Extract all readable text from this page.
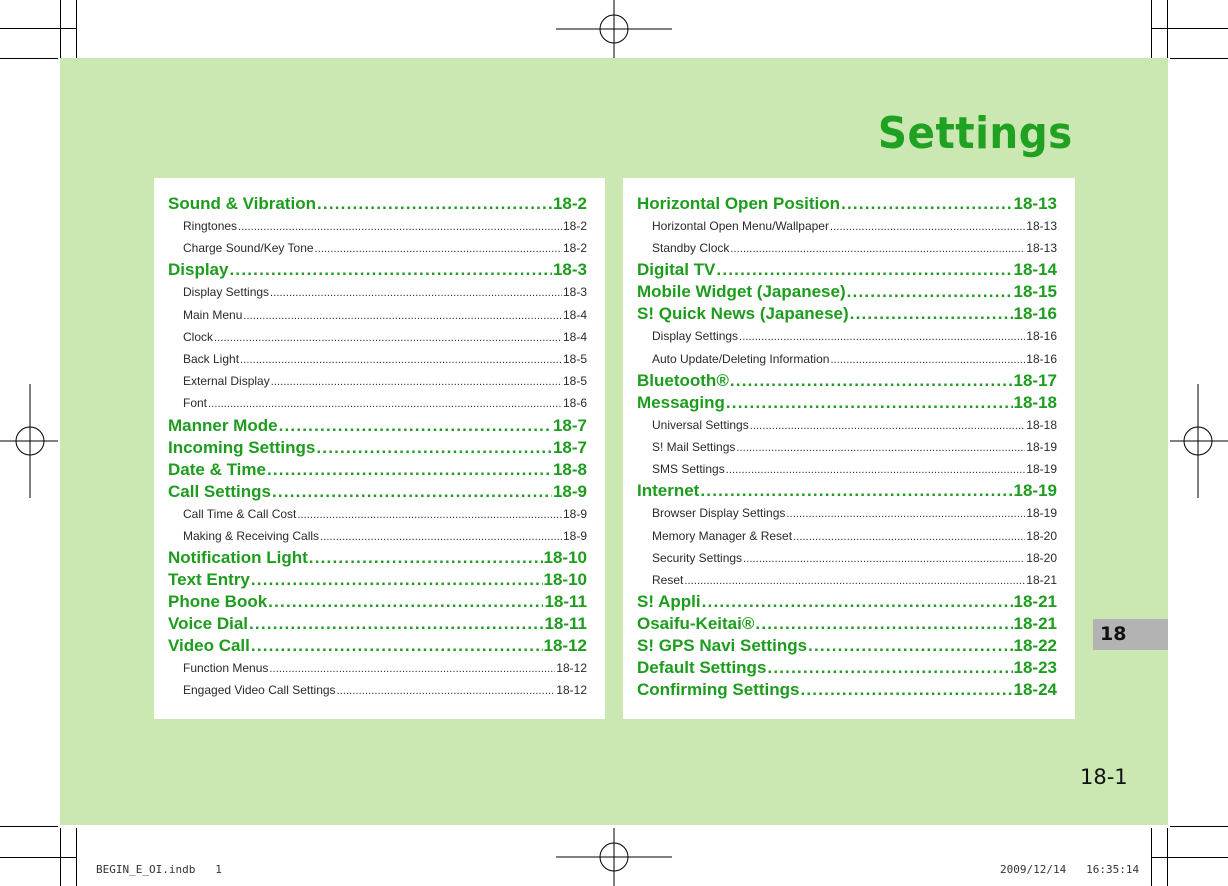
Settings
Sound & Vibration .....	18-2
Ringtones .....	18-2
Charge Sound/Key Tone .....	18-2
Display .....	18-3
Display Settings .....	18-3
Main Menu .....	18-4
Clock .....	18-4
Back Light .....	18-5
External Display .....	18-5
Font .....	18-6
Manner Mode .....	18-7
Incoming Settings .....	18-7
Date & Time .....	18-8
Call Settings .....	18-9
Call Time & Call Cost .....	18-9
Making & Receiving Calls .....	18-9
Notification Light .....	18-10
Text Entry .....	18-10
Phone Book .....	18-11
Voice Dial .....	18-11
Video Call .....	18-12
Function Menus .....	18-12
Engaged Video Call Settings .....	18-12
Horizontal Open Position .....	18-13
Horizontal Open Menu/Wallpaper .....	18-13
Standby Clock .....	18-13
Digital TV .....	18-14
Mobile Widget (Japanese) .....	18-15
S! Quick News (Japanese) .....	18-16
Display Settings .....	18-16
Auto Update/Deleting Information .....	18-16
Bluetooth® .....	18-17
Messaging .....	18-18
Universal Settings .....	18-18
S! Mail Settings .....	18-19
SMS Settings .....	18-19
Internet .....	18-19
Browser Display Settings .....	18-19
Memory Manager & Reset .....	18-20
Security Settings .....	18-20
Reset .....	18-21
S! Appli .....	18-21
Osaifu-Keitai® .....	18-21
S! GPS Navi Settings .....	18-22
Default Settings .....	18-23
Confirming Settings .....	18-24
18
18-1
BEGIN_E_OI.indb   1	2009/12/14   16:35:14
